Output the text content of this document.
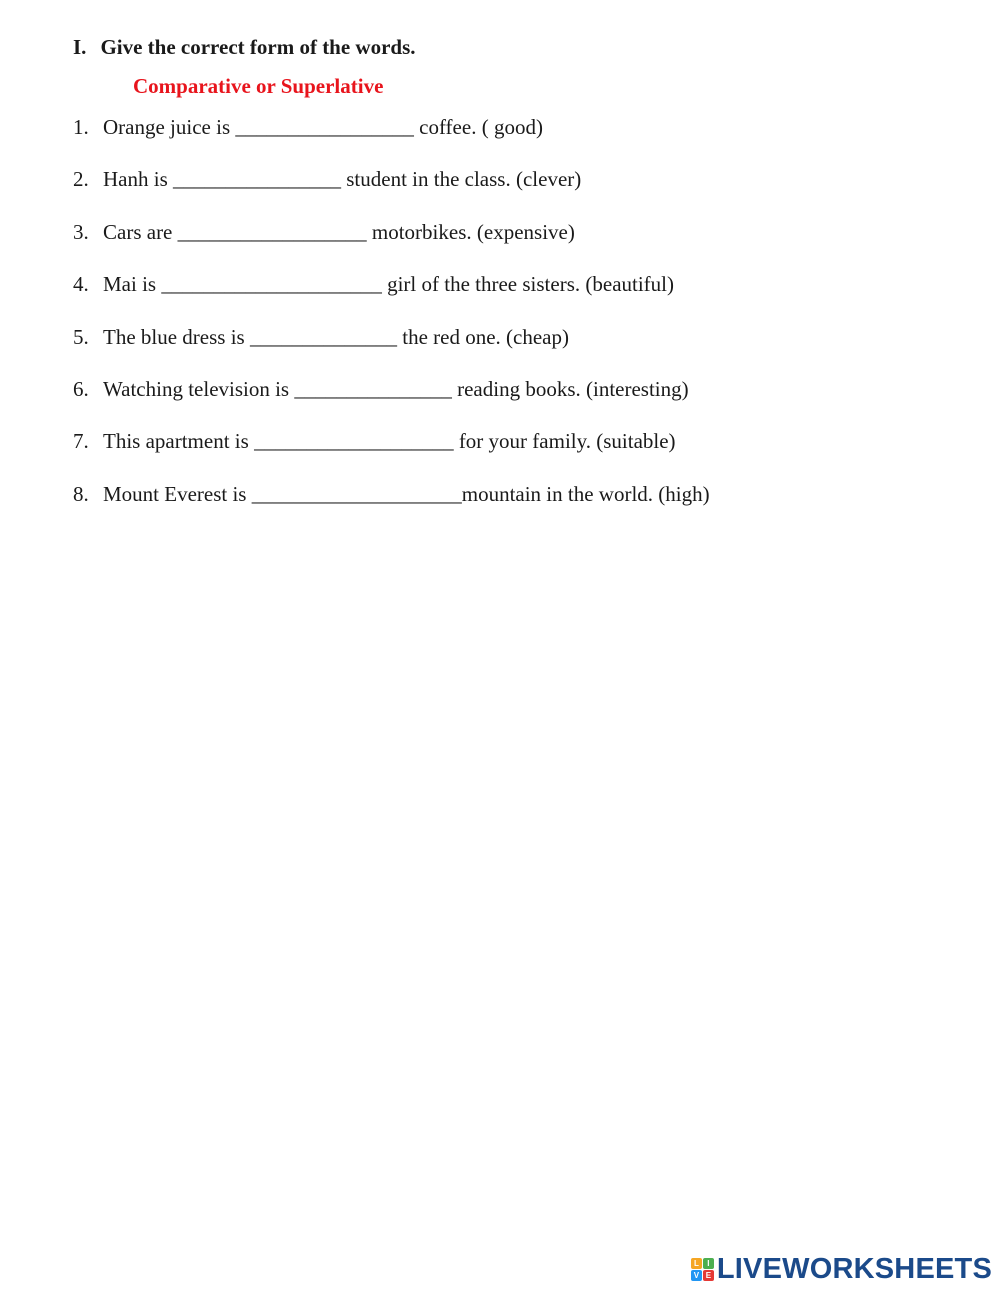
I. Give the correct form of the words.
Comparative or Superlative
1. Orange juice is _________________ coffee. ( good)
2. Hanh is ________________ student in the class. (clever)
3. Cars are __________________ motorbikes. (expensive)
4. Mai is _____________________ girl of the three sisters. (beautiful)
5. The blue dress is ______________ the red one. (cheap)
6. Watching television is _______________ reading books. (interesting)
7. This apartment is ___________________ for your family. (suitable)
8. Mount Everest is ____________________ mountain in the world. (high)
L	I
V E LIVEWORKSHEETS
